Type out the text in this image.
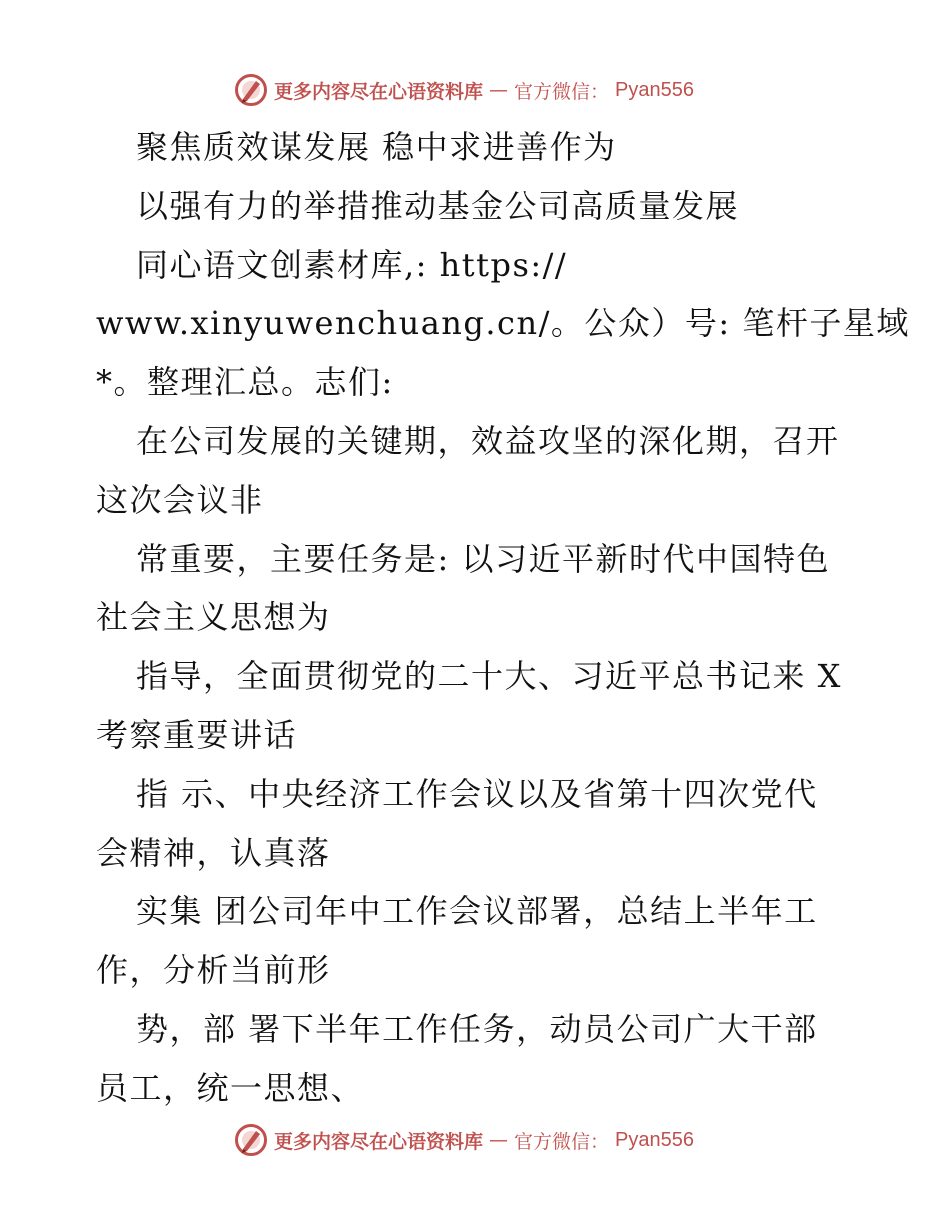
更多内容尽在心语资料库 — 官方微信： Pyan556
聚焦质效谋发展 稳中求进善作为
以强有力的举措推动基金公司高质量发展
同心语文创素材库,: https://
www.xinyuwenchuang.cn/。公众）号: 笔杆子星域
*。整理汇总。志们:
在公司发展的关键期，效益攻坚的深化期，召开
这次会议非
常重要，主要任务是: 以习近平新时代中国特色
社会主义思想为
指导，全面贯彻党的二十大、习近平总书记来 X
考察重要讲话
指 示、中央经济工作会议以及省第十四次党代
会精神，认真落
实集 团公司年中工作会议部署，总结上半年工
作，分析当前形
势，部 署下半年工作任务，动员公司广大干部
员工，统一思想、
更多内容尽在心语资料库 — 官方微信： Pyan556
